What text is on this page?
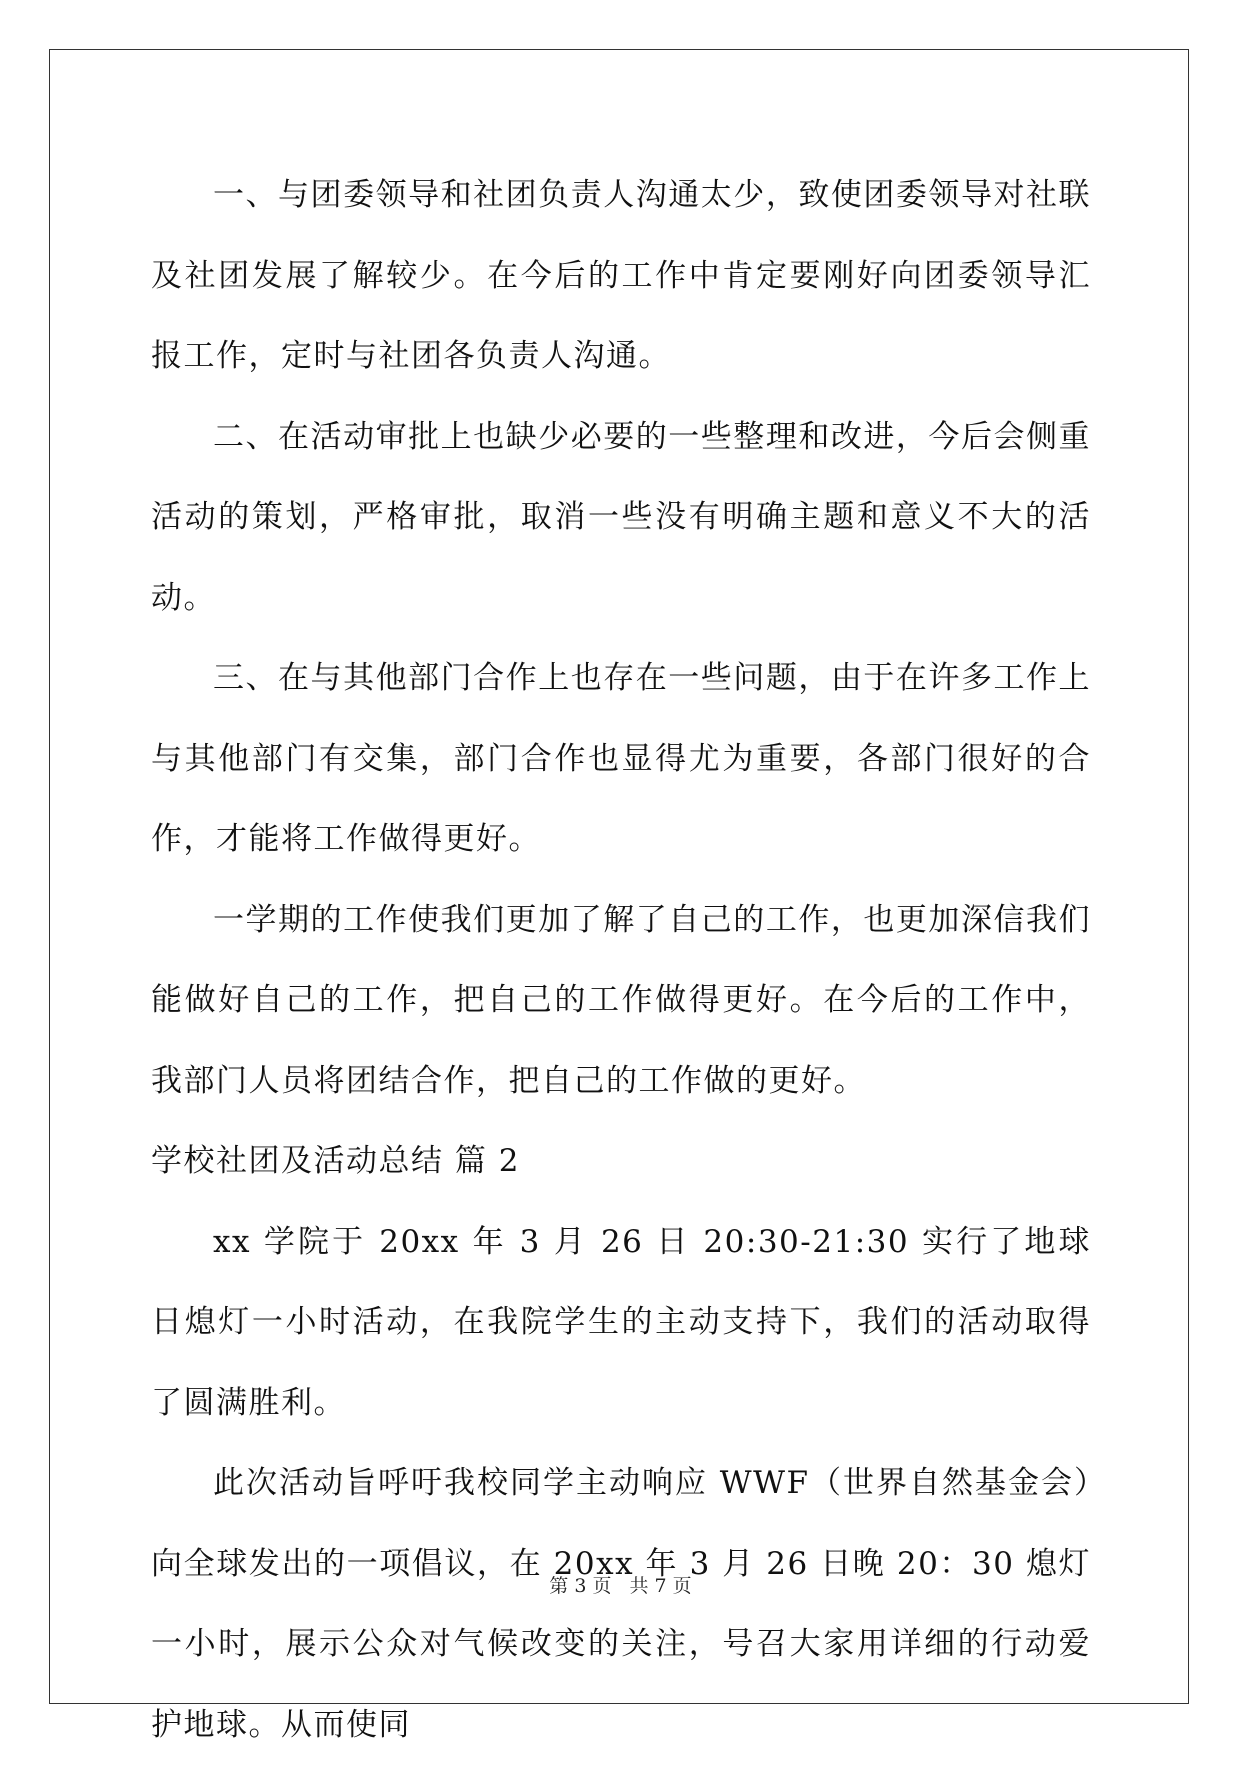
一、与团委领导和社团负责人沟通太少，致使团委领导对社联及社团发展了解较少。在今后的工作中肯定要刚好向团委领导汇报工作，定时与社团各负责人沟通。

二、在活动审批上也缺少必要的一些整理和改进，今后会侧重活动的策划，严格审批，取消一些没有明确主题和意义不大的活动。

三、在与其他部门合作上也存在一些问题，由于在许多工作上与其他部门有交集，部门合作也显得尤为重要，各部门很好的合作，才能将工作做得更好。

一学期的工作使我们更加了解了自己的工作，也更加深信我们能做好自己的工作，把自己的工作做得更好。在今后的工作中，我部门人员将团结合作，把自己的工作做的更好。

学校社团及活动总结 篇 2

xx 学院于 20xx 年 3 月 26 日 20:30-21:30 实行了地球日熄灯一小时活动，在我院学生的主动支持下，我们的活动取得了圆满胜利。

此次活动旨呼吁我校同学主动响应 WWF（世界自然基金会）向全球发出的一项倡议，在 20xx 年 3 月 26 日晚 20：30 熄灯一小时，展示公众对气候改变的关注，号召大家用详细的行动爱护地球。从而使同

第 3 页 共 7 页
